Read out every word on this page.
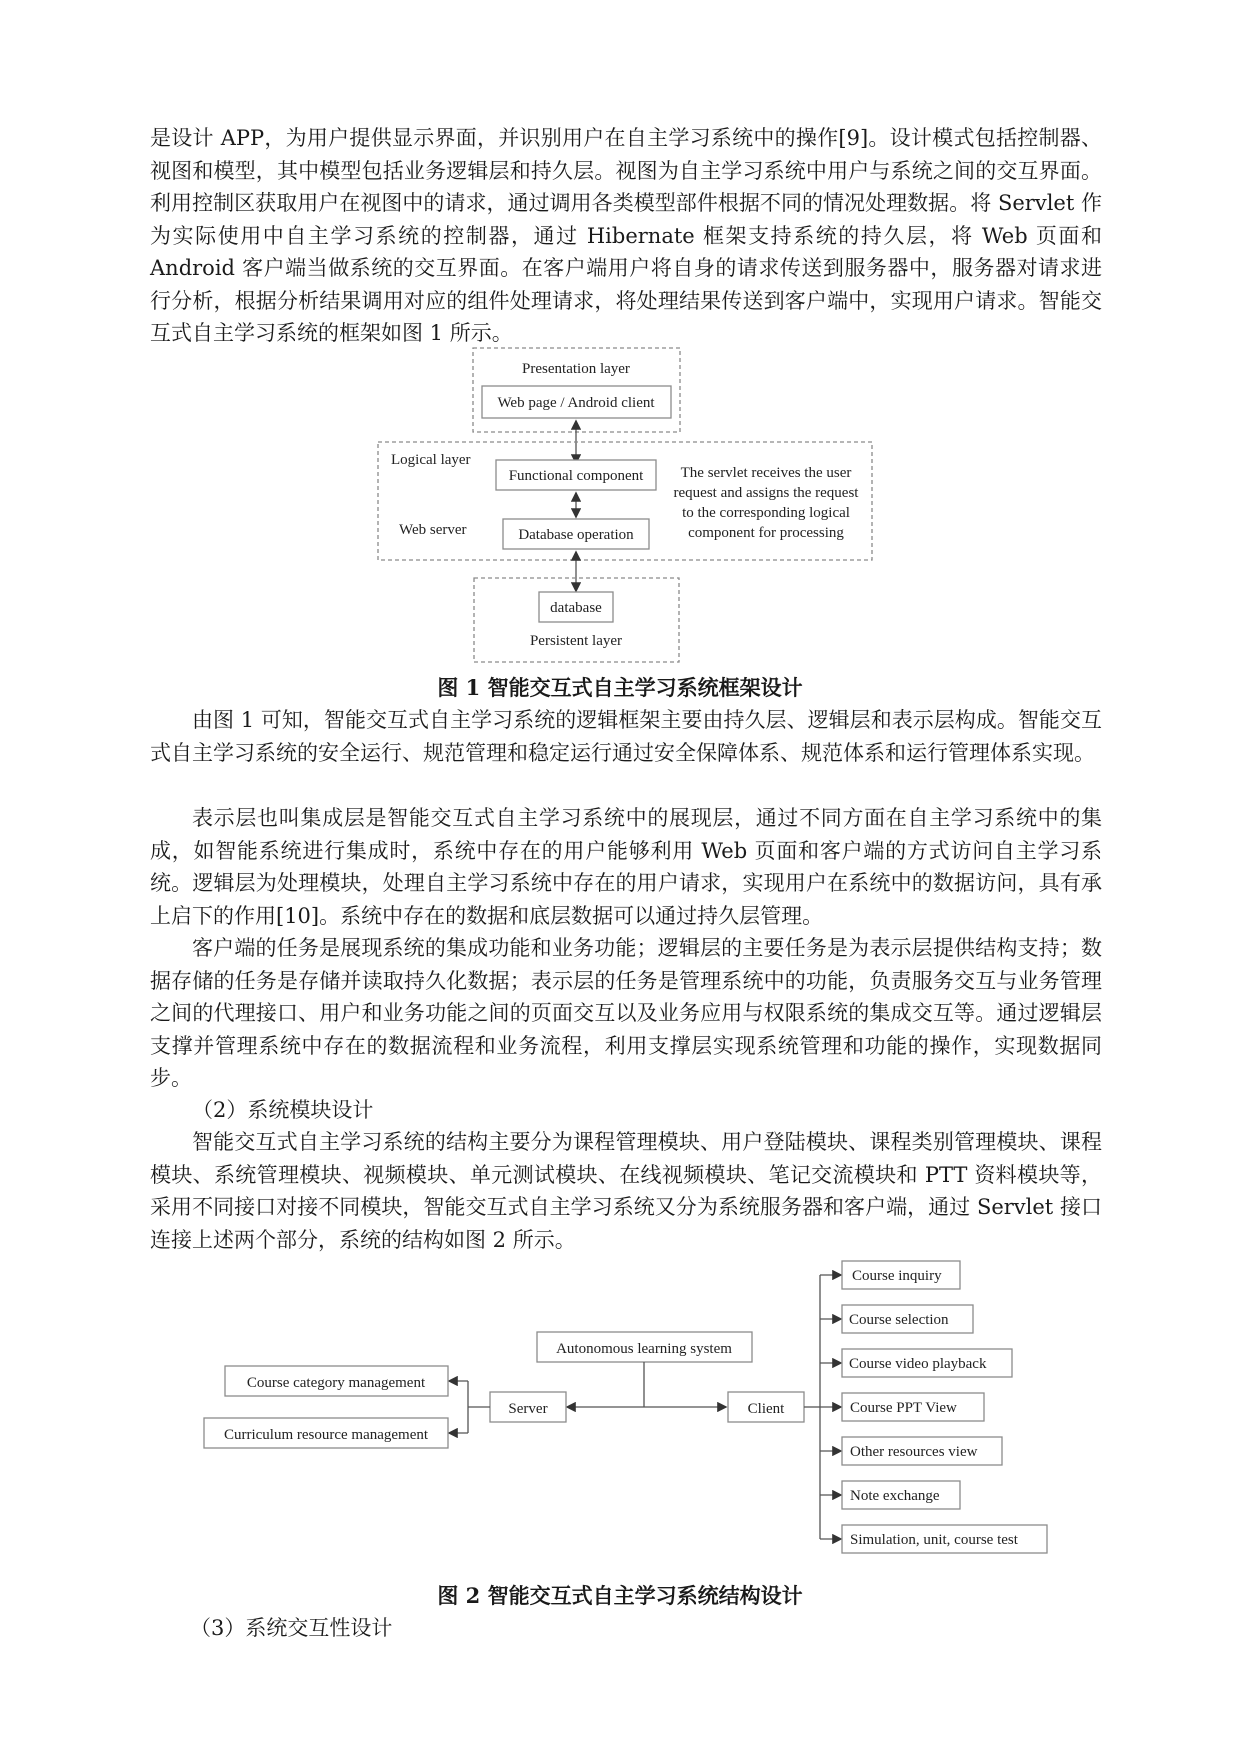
是设计 APP，为用户提供显示界面，并识别用户在自主学习系统中的操作[9]。设计模式包括控制器、视图和模型，其中模型包括业务逻辑层和持久层。视图为自主学习系统中用户与系统之间的交互界面。利用控制区获取用户在视图中的请求，通过调用各类模型部件根据不同的情况处理数据。将 Servlet 作为实际使用中自主学习系统的控制器，通过 Hibernate 框架支持系统的持久层，将 Web 页面和 Android 客户端当做系统的交互界面。在客户端用户将自身的请求传送到服务器中，服务器对请求进行分析，根据分析结果调用对应的组件处理请求，将处理结果传送到客户端中，实现用户请求。智能交互式自主学习系统的框架如图 1 所示。

Presentation layer
Web page / Android client
Logical layer
Functional component
Web server	Database operation
The servlet receives the user
request and assigns the request
to the corresponding logical
component for processing
database
Persistent layer

图 1 智能交互式自主学习系统框架设计

由图 1 可知，智能交互式自主学习系统的逻辑框架主要由持久层、逻辑层和表示层构成。智能交互式自主学习系统的安全运行、规范管理和稳定运行通过安全保障体系、规范体系和运行管理体系实现。

表示层也叫集成层是智能交互式自主学习系统中的展现层，通过不同方面在自主学习系统中的集成，如智能系统进行集成时，系统中存在的用户能够利用 Web 页面和客户端的方式访问自主学习系统。逻辑层为处理模块，处理自主学习系统中存在的用户请求，实现用户在系统中的数据访问，具有承上启下的作用[10]。系统中存在的数据和底层数据可以通过持久层管理。

客户端的任务是展现系统的集成功能和业务功能；逻辑层的主要任务是为表示层提供结构支持；数据存储的任务是存储并读取持久化数据；表示层的任务是管理系统中的功能，负责服务交互与业务管理之间的代理接口、用户和业务功能之间的页面交互以及业务应用与权限系统的集成交互等。通过逻辑层支撑并管理系统中存在的数据流程和业务流程，利用支撑层实现系统管理和功能的操作，实现数据同步。

（2）系统模块设计

智能交互式自主学习系统的结构主要分为课程管理模块、用户登陆模块、课程类别管理模块、课程模块、系统管理模块、视频模块、单元测试模块、在线视频模块、笔记交流模块和 PTT 资料模块等，采用不同接口对接不同模块，智能交互式自主学习系统又分为系统服务器和客户端，通过 Servlet 接口连接上述两个部分，系统的结构如图 2 所示。

Autonomous learning system
Server
Course category management
Curriculum resource management
Client
Course inquiry
Course selection
Course video playback
Course PPT View
Other resources view
Note exchange
Simulation, unit, course test

图 2 智能交互式自主学习系统结构设计

（3）系统交互性设计
